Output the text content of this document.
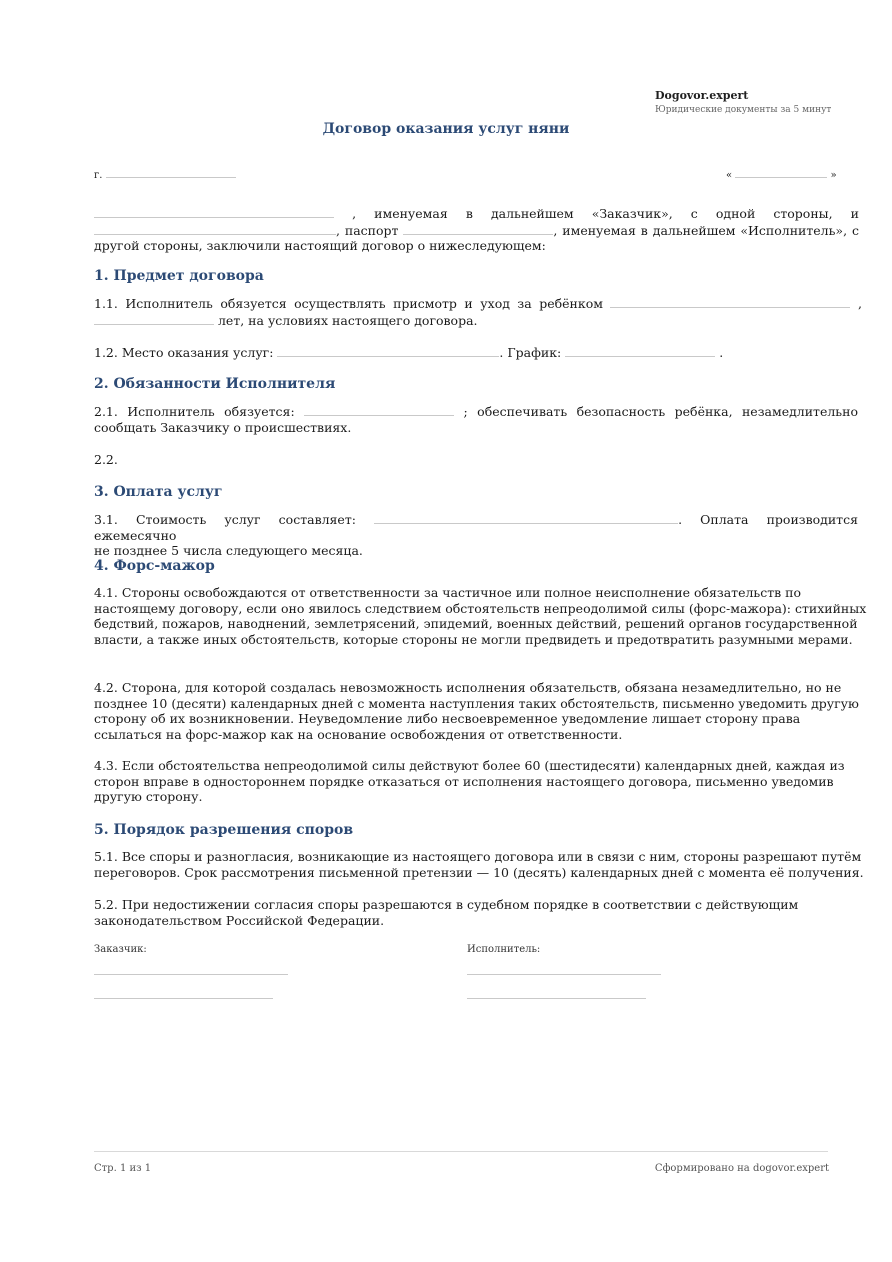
Dogovor.expert
Юридические документы за 5 минут
Договор оказания услуг няни
г.	«	»
, именуемая в дальнейшем «Заказчик», с одной стороны, и
, паспорт	, именуемая в дальнейшем «Исполнитель», с
другой стороны, заключили настоящий договор о нижеследующем:
1. Предмет договора
1.1. Исполнитель обязуется осуществлять присмотр и уход за ребёнком	,
лет, на условиях настоящего договора.
1.2. Место оказания услуг:	. График:	.
2. Обязанности Исполнителя
2.1. Исполнитель обязуется:	; обеспечивать безопасность ребёнка, незамедлительно
сообщать Заказчику о происшествиях.
2.2.
3. Оплата услуг
3.1. Стоимость услуг составляет:	. Оплата производится ежемесячно
не позднее 5 числа следующего месяца.
4. Форс-мажор
4.1. Стороны освобождаются от ответственности за частичное или полное неисполнение обязательств по настоящему договору, если оно явилось следствием обстоятельств непреодолимой силы (форс-мажора): стихийных бедствий, пожаров, наводнений, землетрясений, эпидемий, военных действий, решений органов государственной власти, а также иных обстоятельств, которые стороны не могли предвидеть и предотвратить разумными мерами.
4.2. Сторона, для которой создалась невозможность исполнения обязательств, обязана незамедлительно, но не позднее 10 (десяти) календарных дней с момента наступления таких обстоятельств, письменно уведомить другую сторону об их возникновении. Неуведомление либо несвоевременное уведомление лишает сторону права ссылаться на форс-мажор как на основание освобождения от ответственности.
4.3. Если обстоятельства непреодолимой силы действуют более 60 (шестидесяти) календарных дней, каждая из сторон вправе в одностороннем порядке отказаться от исполнения настоящего договора, письменно уведомив другую сторону.
5. Порядок разрешения споров
5.1. Все споры и разногласия, возникающие из настоящего договора или в связи с ним, стороны разрешают путём переговоров. Срок рассмотрения письменной претензии — 10 (десять) календарных дней с момента её получения.
5.2. При недостижении согласия споры разрешаются в судебном порядке в соответствии с действующим законодательством Российской Федерации.
Заказчик:	Исполнитель:
Стр. 1 из 1	Сформировано на dogovor.expert
